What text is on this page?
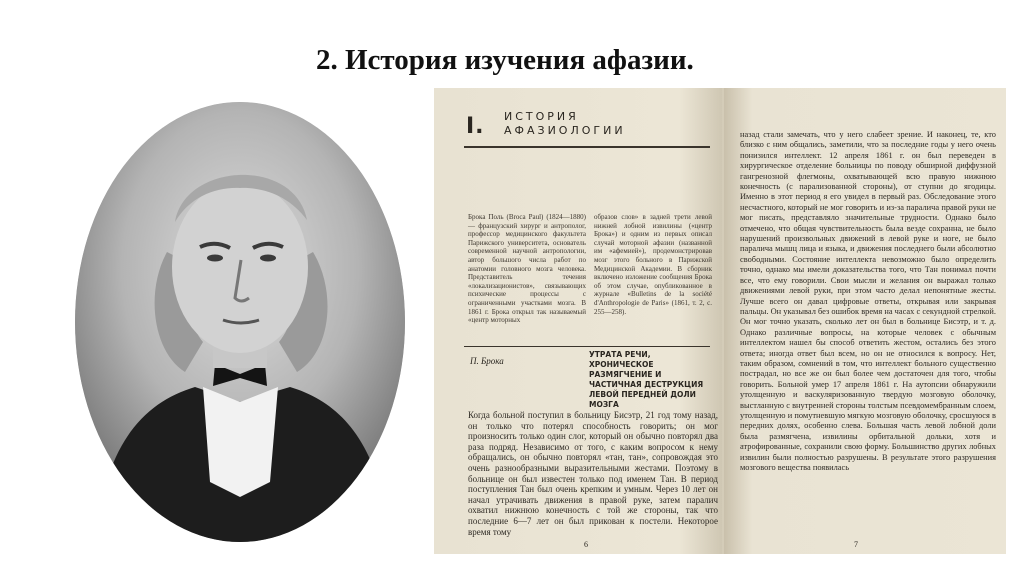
2. История изучения афазии.
I. ИСТОРИЯ АФАЗИОЛОГИИ
Брока Поль (Broca Paul) (1824—1880) — французский хирург и антрополог, профессор медицинского факультета Парижского университета, основатель современной научной антропологии, автор большого числа работ по анатомии головного мозга человека. Представитель течения «локализационистов», связывающих психические процессы с ограниченными участками мозга. В 1861 г. Брока открыл так называемый «центр моторных
образов слов» в задней трети левой нижней лобной извилины («центр Брока») и одним из первых описал случай моторной афазии (названной им «афемией»), продемонстрировав мозг этого больного в Парижской Медицинской Академии. В сборник включено изложение сообщения Брока об этом случае, опубликованное в журнале «Bulletins de la société d'Anthropologie de Paris» (1861, т. 2, с. 255—258).
П. Брока
УТРАТА РЕЧИ, ХРОНИЧЕСКОЕ РАЗМЯГЧЕНИЕ И ЧАСТИЧНАЯ ДЕСТРУКЦИЯ ЛЕВОЙ ПЕРЕДНЕЙ ДОЛИ МОЗГА
Когда больной поступил в больницу Бисэтр, 21 год тому назад, он только что потерял способность говорить; он мог произносить только один слог, который он обычно повторял два раза подряд. Независимо от того, с каким вопросом к нему обращались, он обычно повторял «тан, тан», сопровождая это очень разнообразными выразительными жестами. Поэтому в больнице он был известен только под именем Тан. В период поступления Тан был очень крепким и умным. Через 10 лет он начал утрачивать движения в правой руке, затем паралич охватил нижнюю конечность с той же стороны, так что последние 6—7 лет он был прикован к постели. Некоторое время тому
6
назад стали замечать, что у него слабеет зрение. И наконец, те, кто близко с ним общались, заметили, что за последние годы у него очень понизился интеллект. 12 апреля 1861 г. он был переведен в хирургическое отделение больницы по поводу обширной диффузной гангренозной флегмоны, охватывающей всю правую нижнюю конечность (с парализованной стороны), от ступни до ягодицы. Именно в этот период я его увидел в первый раз. Обследование этого несчастного, который не мог говорить и из-за паралича правой руки не мог писать, представляло значительные трудности. Однако было отмечено, что общая чувствительность была везде сохранна, не было нарушений произвольных движений в левой руке и ноге, не было паралича мышц лица и языка, и движения последнего были абсолютно свободными. Состояние интеллекта невозможно было определить точно, однако мы имели доказательства того, что Тан понимал почти все, что ему говорили. Свои мысли и желания он выражал только движениями левой руки, при этом часто делал непонятные жесты. Лучше всего он давал цифровые ответы, открывая или закрывая пальцы. Он указывал без ошибок время на часах с секундной стрелкой. Он мог точно указать, сколько лет он был в больнице Бисэтр, и т. д. Однако различные вопросы, на которые человек с обычным интеллектом нашел бы способ ответить жестом, остались без этого ответа; иногда ответ был всем, но он не относился к вопросу. Нет, таким образом, сомнений в том, что интеллект больного существенно пострадал, но все же он был более чем достаточен для того, чтобы говорить. Больной умер 17 апреля 1861 г. На аутопсии обнаружили утолщенную и васкуляризованную твердую мозговую оболочку, выстланную с внутренней стороны толстым псевдомембранным слоем, утолщенную и помутневшую мягкую мозговую оболочку, сросшуюся в передних долях, особенно слева. Большая часть левой лобной доли была размягчена, извилины орбитальной дольки, хотя и атрофированные, сохранили свою форму. Большинство других лобных извилин были полностью разрушены. В результате этого разрушения мозгового вещества появилась
7
